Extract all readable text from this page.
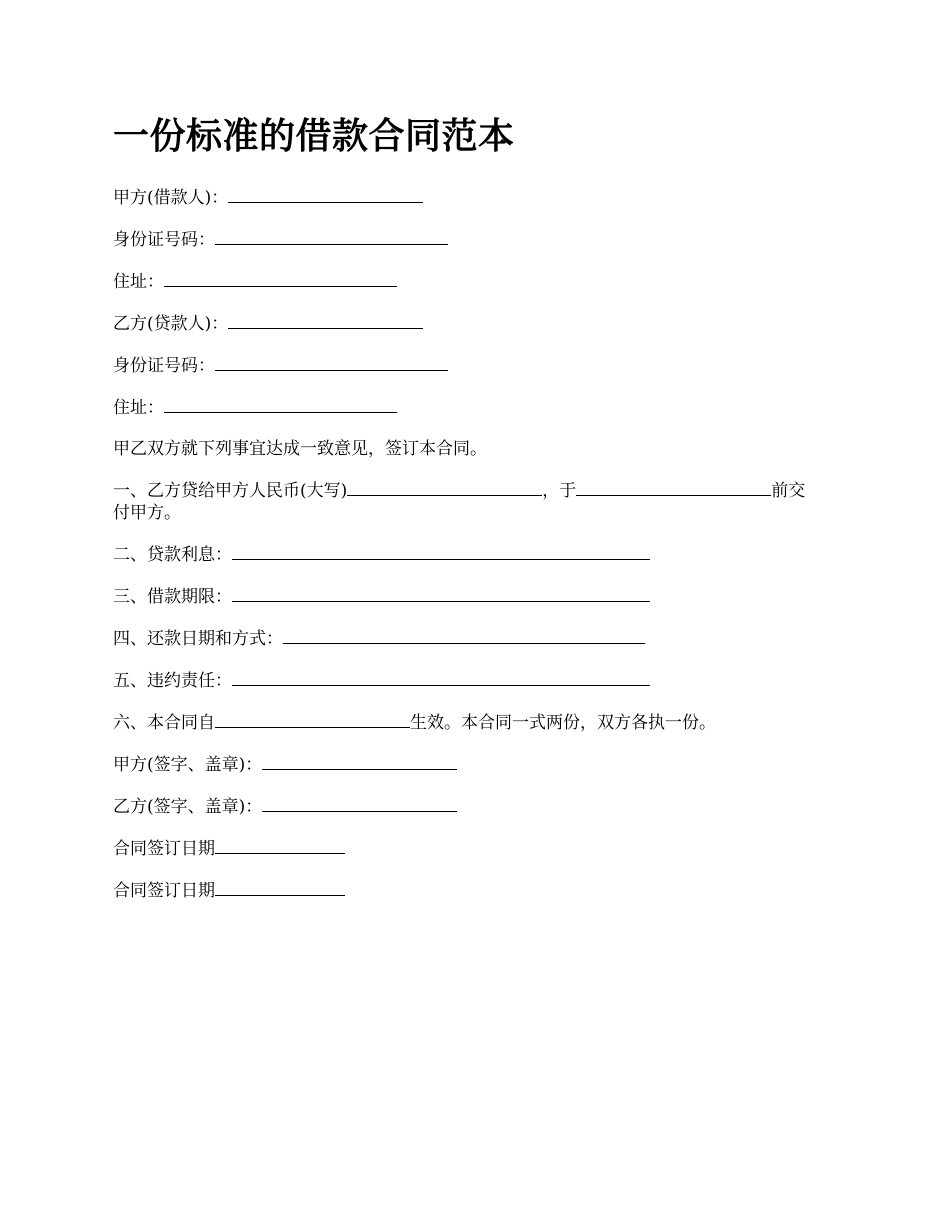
一份标准的借款合同范本

甲方(借款人)：

身份证号码：

住址：

乙方(贷款人)：

身份证号码：

住址：

甲乙双方就下列事宜达成一致意见，签订本合同。

一、乙方贷给甲方人民币(大写)	，于	前交

付甲方。

二、贷款利息：

三、借款期限：

四、还款日期和方式：

五、违约责任：

六、本合同自	生效。本合同一式两份，双方各执一份。

甲方(签字、盖章)：

乙方(签字、盖章)：

合同签订日期

合同签订日期
